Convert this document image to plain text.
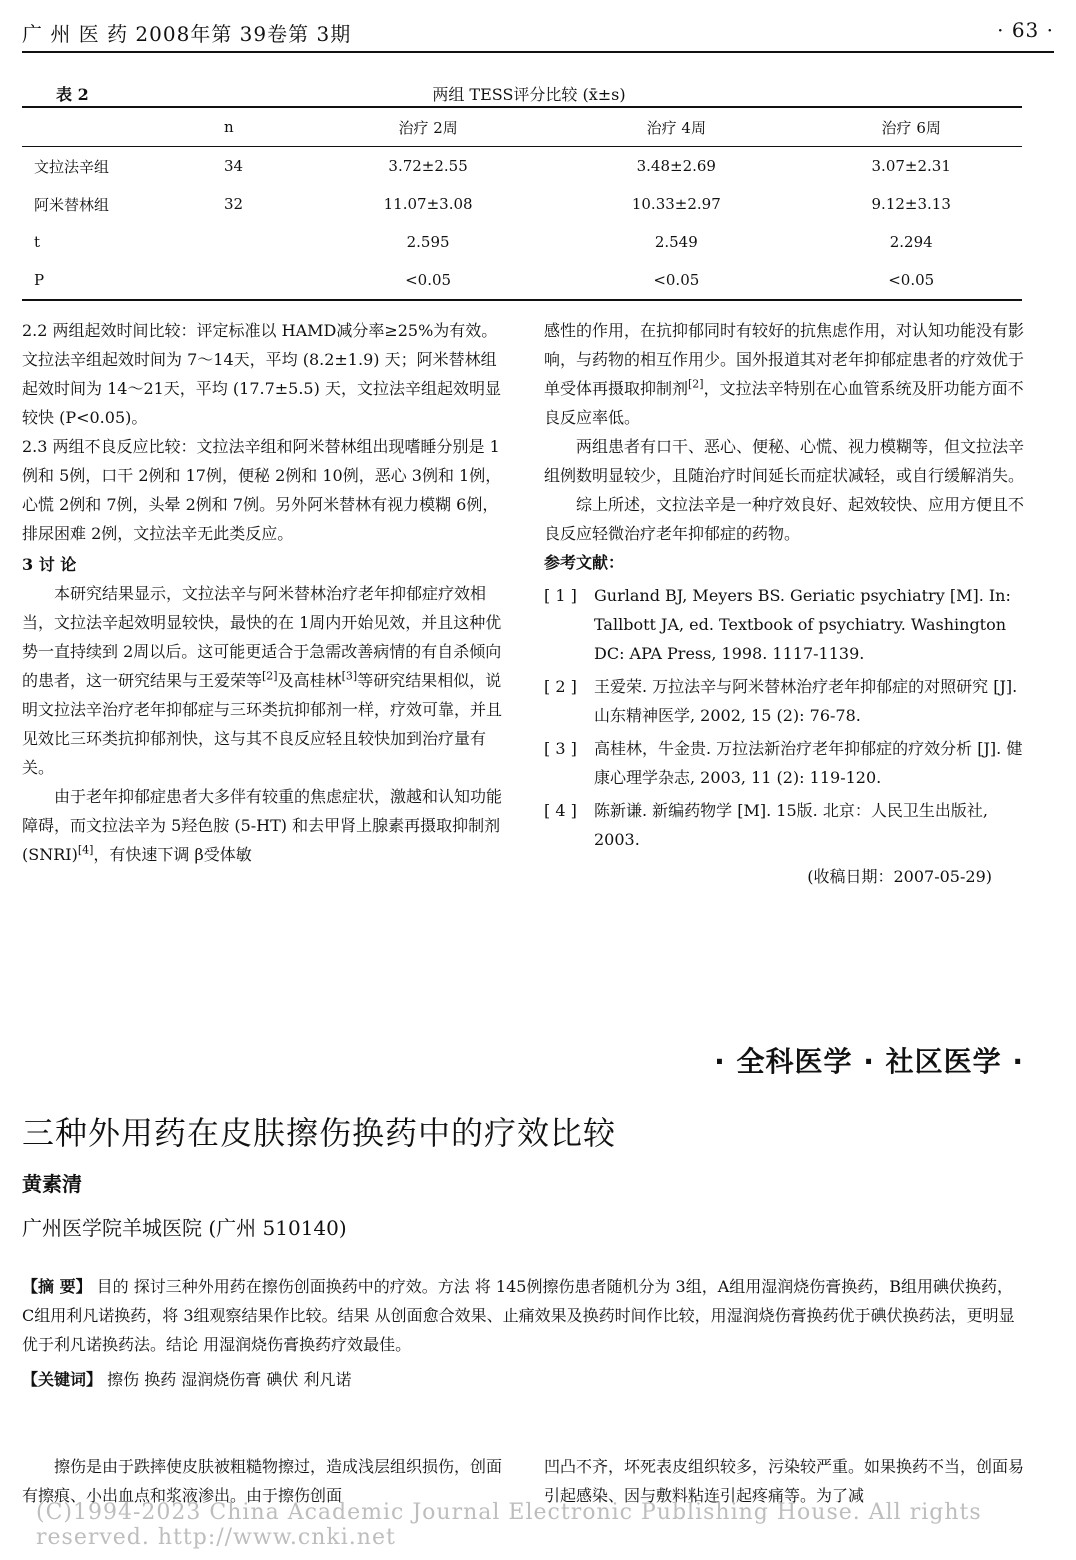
广 州 医 药 2008年第 39卷第 3期	· 63 ·
表 2	两组 TESS评分比较 (x̄±s)
	n	治疗 2周	治疗 4周	治疗 6周
文拉法辛组	34	3.72±2.55	3.48±2.69	3.07±2.31
阿米替林组	32	11.07±3.08	10.33±2.97	9.12±3.13
t		2.595	2.549	2.294
P		<0.05	<0.05	<0.05

2.2 两组起效时间比较：评定标准以 HAMD减分率≥25%为有效。文拉法辛组起效时间为 7～14天，平均 (8.2±1.9) 天；阿米替林组起效时间为 14～21天，平均 (17.7±5.5) 天，文拉法辛组起效明显较快 (P<0.05)。

2.3 两组不良反应比较：文拉法辛组和阿米替林组出现嗜睡分别是 1例和 5例，口干 2例和 17例，便秘 2例和 10例，恶心 3例和 1例，心慌 2例和 7例，头晕 2例和 7例。另外阿米替林有视力模糊 6例，排尿困难 2例，文拉法辛无此类反应。

3 讨 论

本研究结果显示，文拉法辛与阿米替林治疗老年抑郁症疗效相当，文拉法辛起效明显较快，最快的在 1周内开始见效，并且这种优势一直持续到 2周以后。这可能更适合于急需改善病情的有自杀倾向的患者，这一研究结果与王爱荣等[2]及高桂林[3]等研究结果相似，说明文拉法辛治疗老年抑郁症与三环类抗抑郁剂一样，疗效可靠，并且见效比三环类抗抑郁剂快，这与其不良反应轻且较快加到治疗量有关。

由于老年抑郁症患者大多伴有较重的焦虑症状，激越和认知功能障碍，而文拉法辛为 5羟色胺 (5-HT) 和去甲肾上腺素再摄取抑制剂 (SNRI)[4]，有快速下调 β受体敏

感性的作用，在抗抑郁同时有较好的抗焦虑作用，对认知功能没有影响，与药物的相互作用少。国外报道其对老年抑郁症患者的疗效优于单受体再摄取抑制剂[2]，文拉法辛特别在心血管系统及肝功能方面不良反应率低。

两组患者有口干、恶心、便秘、心慌、视力模糊等，但文拉法辛组例数明显较少，且随治疗时间延长而症状减轻，或自行缓解消失。

综上所述，文拉法辛是一种疗效良好、起效较快、应用方便且不良反应轻微治疗老年抑郁症的药物。

参考文献：

[ 1 ]	Gurland BJ, Meyers BS. Geriatic psychiatry [M]. In: Tallbott JA, ed. Textbook of psychiatry. Washington DC: APA Press, 1998. 1117-1139.
[ 2 ]	王爱荣. 万拉法辛与阿米替林治疗老年抑郁症的对照研究 [J]. 山东精神医学, 2002, 15 (2): 76-78.
[ 3 ]	高桂林，牛金贵. 万拉法新治疗老年抑郁症的疗效分析 [J]. 健康心理学杂志, 2003, 11 (2): 119-120.
[ 4 ]	陈新谦. 新编药物学 [M]. 15版. 北京：人民卫生出版社, 2003.

(收稿日期：2007-05-29)

· 全科医学 · 社区医学 ·
三种外用药在皮肤擦伤换药中的疗效比较
黄素清
广州医学院羊城医院 (广州 510140)

【摘 要】 目的 探讨三种外用药在擦伤创面换药中的疗效。方法 将 145例擦伤患者随机分为 3组，A组用湿润烧伤膏换药，B组用碘伏换药，C组用利凡诺换药，将 3组观察结果作比较。结果 从创面愈合效果、止痛效果及换药时间作比较，用湿润烧伤膏换药优于碘伏换药法，更明显优于利凡诺换药法。结论 用湿润烧伤膏换药疗效最佳。

【关键词】 擦伤 换药 湿润烧伤膏 碘伏 利凡诺

擦伤是由于跌摔使皮肤被粗糙物擦过，造成浅层组织损伤，创面有擦痕、小出血点和浆液渗出。由于擦伤创面

凹凸不齐，坏死表皮组织较多，污染较严重。如果换药不当，创面易引起感染、因与敷料粘连引起疼痛等。为了减

(C)1994-2023 China Academic Journal Electronic Publishing House. All rights reserved. http://www.cnki.net
